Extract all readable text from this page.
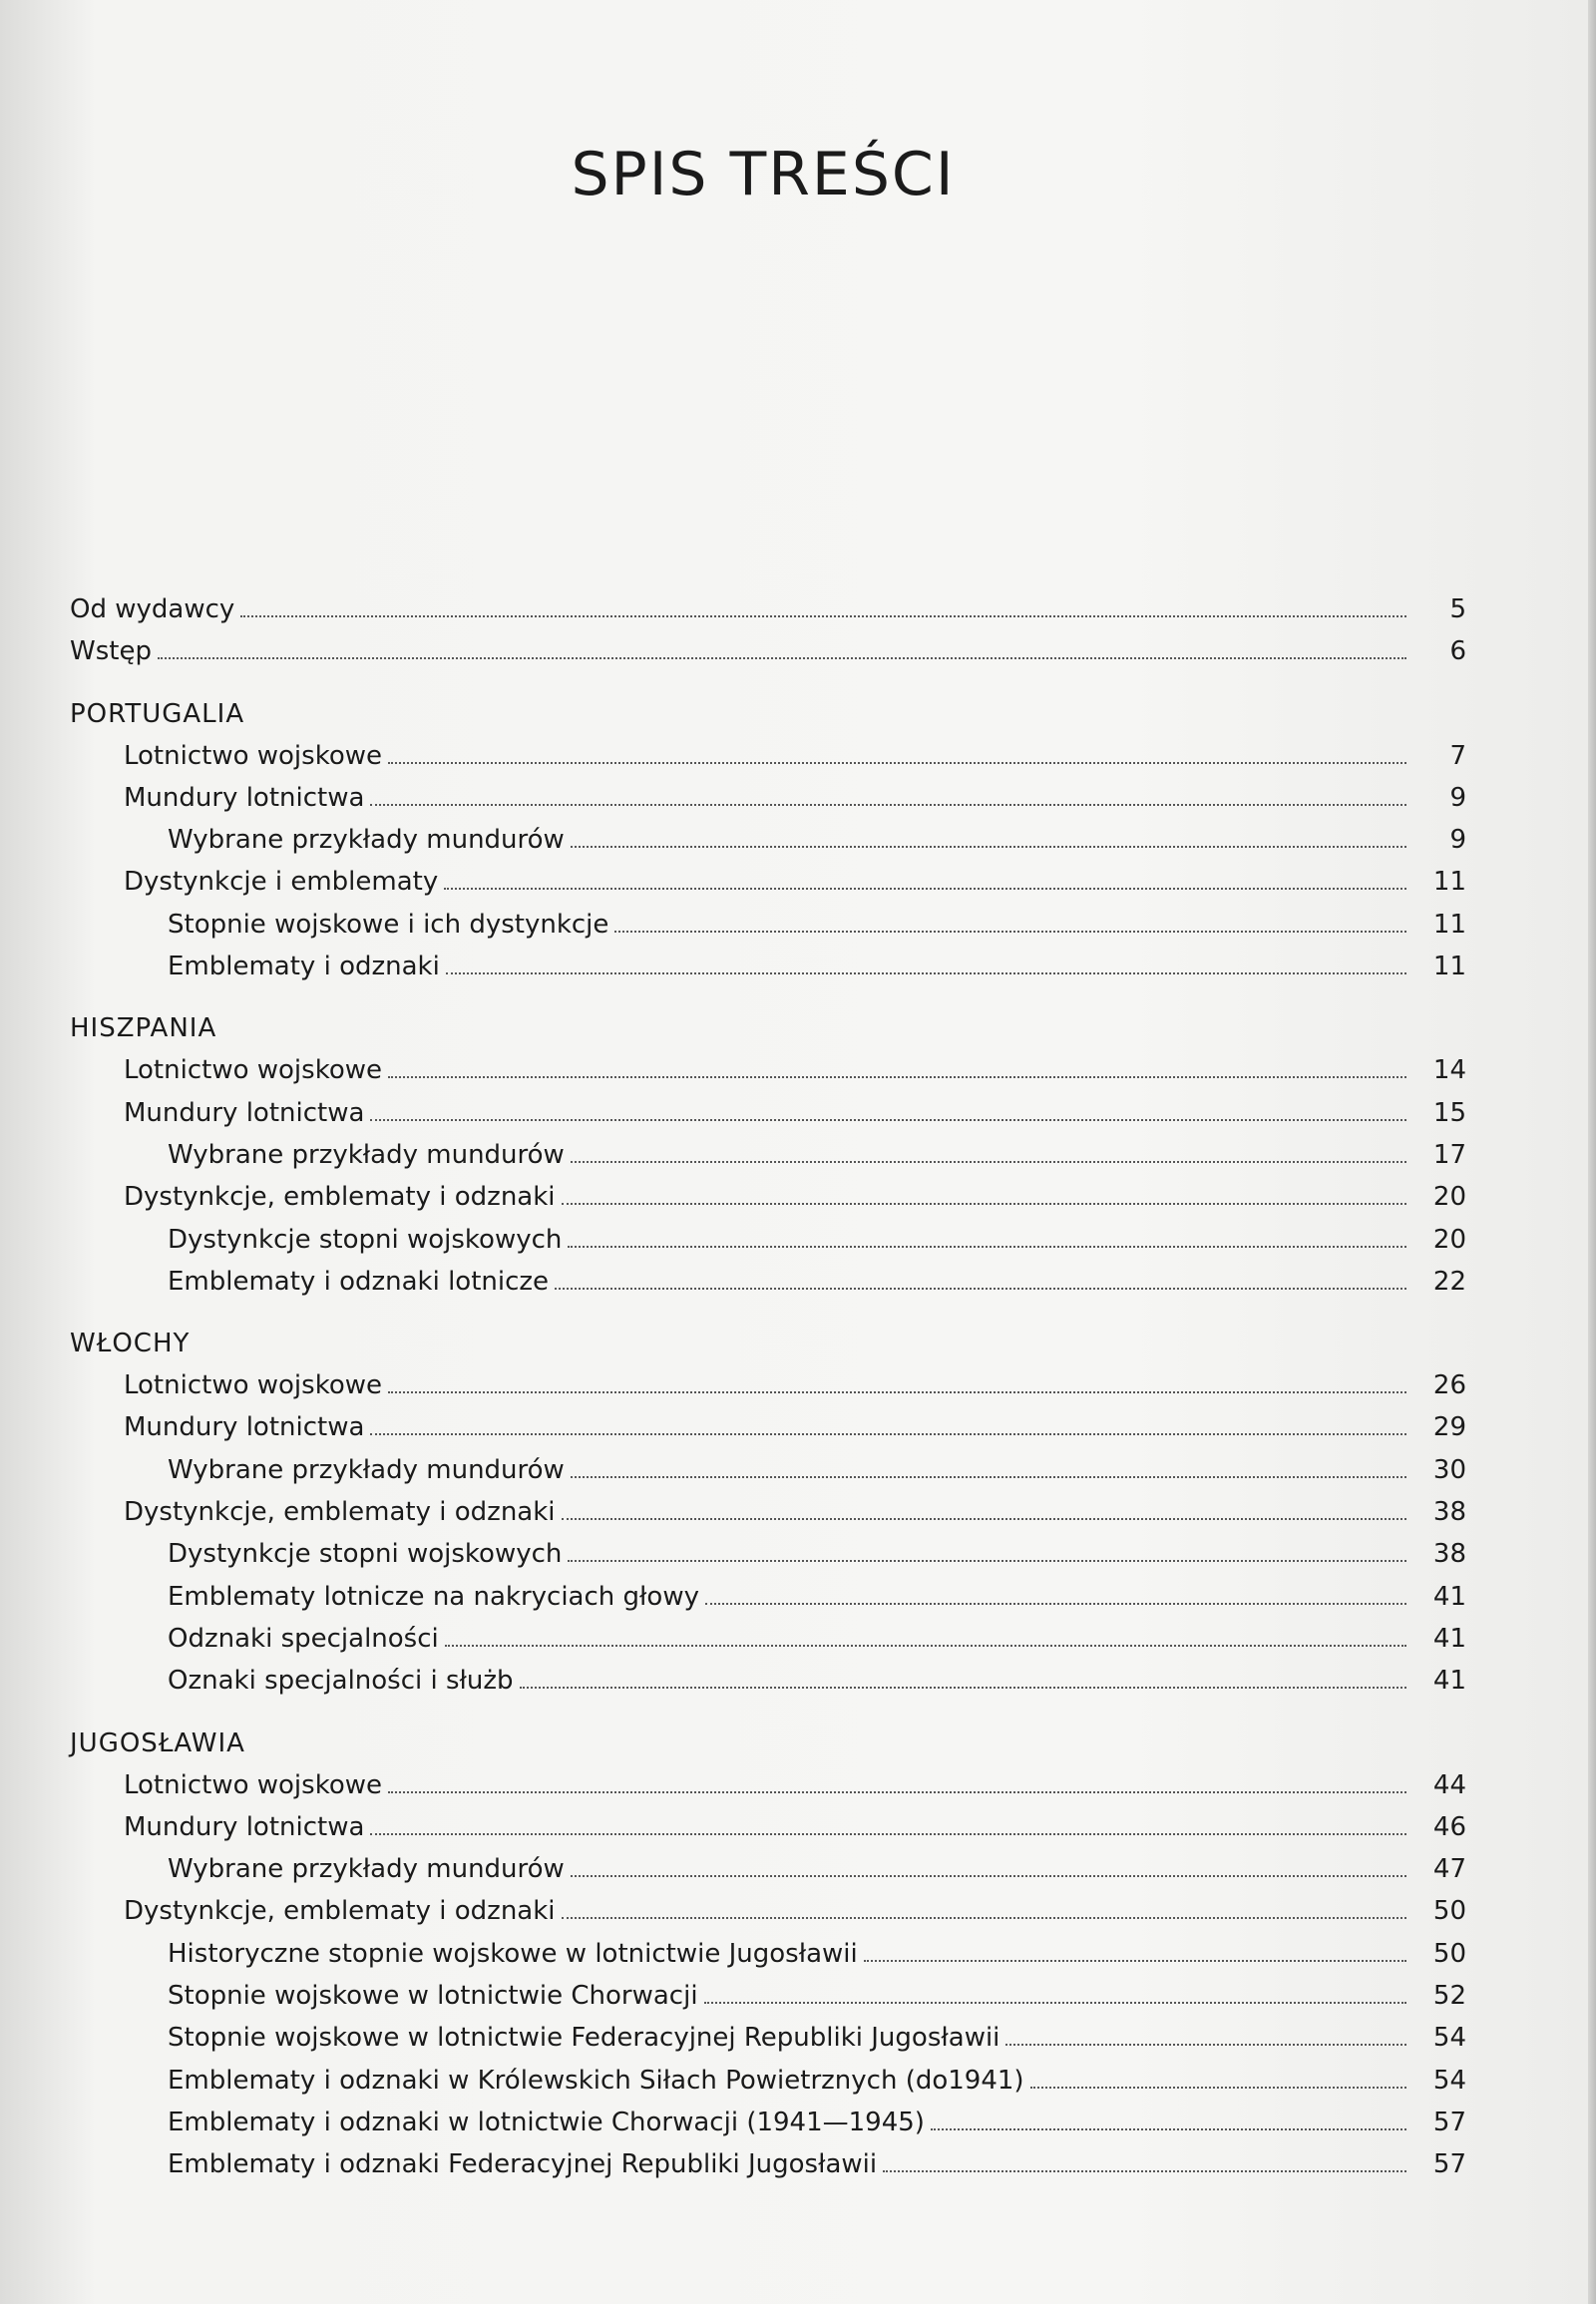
SPIS TREŚCI
Od wydawcy	5
Wstęp	6
PORTUGALIA
Lotnictwo wojskowe	7
Mundury lotnictwa	9
Wybrane przykłady mundurów	9
Dystynkcje i emblematy	11
Stopnie wojskowe i ich dystynkcje	11
Emblematy i odznaki	11
HISZPANIA
Lotnictwo wojskowe	14
Mundury lotnictwa	15
Wybrane przykłady mundurów	17
Dystynkcje, emblematy i odznaki	20
Dystynkcje stopni wojskowych	20
Emblematy i odznaki lotnicze	22
WŁOCHY
Lotnictwo wojskowe	26
Mundury lotnictwa	29
Wybrane przykłady mundurów	30
Dystynkcje, emblematy i odznaki	38
Dystynkcje stopni wojskowych	38
Emblematy lotnicze na nakryciach głowy	41
Odznaki specjalności	41
Oznaki specjalności i służb	41
JUGOSŁAWIA
Lotnictwo wojskowe	44
Mundury lotnictwa	46
Wybrane przykłady mundurów	47
Dystynkcje, emblematy i odznaki	50
Historyczne stopnie wojskowe w lotnictwie Jugosławii	50
Stopnie wojskowe w lotnictwie Chorwacji	52
Stopnie wojskowe w lotnictwie Federacyjnej Republiki Jugosławii	54
Emblematy i odznaki w Królewskich Siłach Powietrznych (do1941)	54
Emblematy i odznaki w lotnictwie Chorwacji (1941—1945)	57
Emblematy i odznaki Federacyjnej Republiki Jugosławii	57
